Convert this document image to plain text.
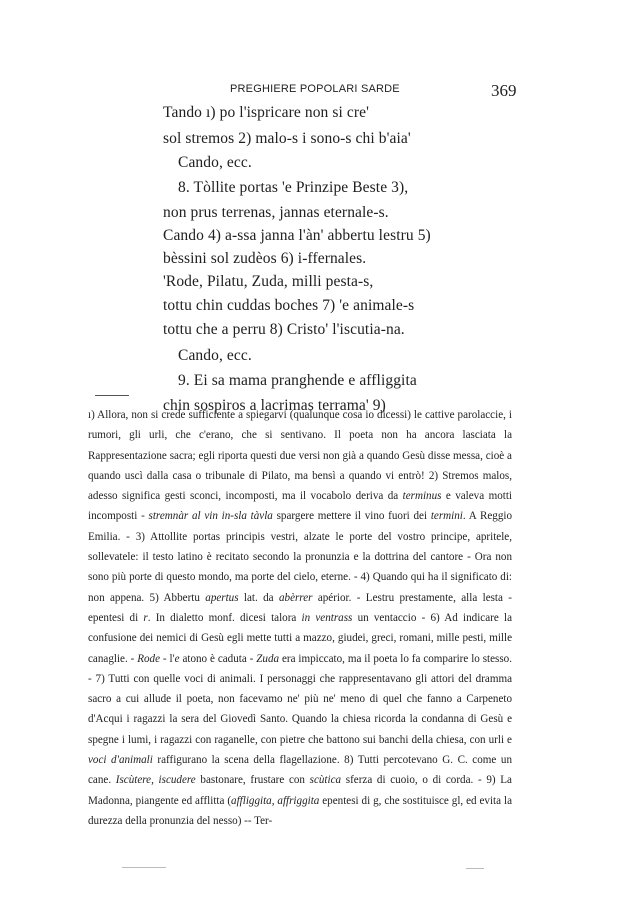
PREGHIERE POPOLARI SARDE	369
Tando ı) po l'ispricare non si cre'
sol stremos 2) malo-s i sono-s chi b'aia'
Cando, ecc.
8. Tòllite portas 'e Prinzipe Beste 3),
non prus terrenas, jannas eternale-s.
Cando 4) a-ssa janna l'àn' abbertu lestru 5)
bèssini sol zudèos 6) i-ffernales.
'Rode, Pilatu, Zuda, milli pesta-s,
tottu chin cuddas boches 7) 'e animale-s
tottu che a perru 8) Cristo' l'iscutia-na.
Cando, ecc.
9. Ei sa mama pranghende e affliggita
chin sospiros a lacrimas terrama' 9)
ı) Allora, non si crede sufficiente a spiegarvi (qualunque cosa io dicessi) le cattive parolaccie, i rumori, gli urli, che c'erano, che si sentivano. Il poeta non ha ancora lasciata la Rappresentazione sacra; egli riporta questi due versi non già a quando Gesù disse messa, cioè a quando uscì dalla casa o tribunale di Pilato, ma bensì a quando vi entrò! 2) Stremos malos, adesso significa gesti sconci, incomposti, ma il vocabolo deriva da terminus e valeva motti incomposti - stremnàr al vin in-sla tàvla spargere mettere il vino fuori dei termini. A Reggio Emilia. - 3) Attollite portas principis vestri, alzate le porte del vostro principe, apritele, sollevatele: il testo latino è recitato secondo la pronunzia e la dottrina del cantore - Ora non sono più porte di questo mondo, ma porte del cielo, eterne. - 4) Quando qui ha il significato di: non appena. 5) Abbertu apertus lat. da abèrrer apérior. - Lestru prestamente, alla lesta - epentesi di r. In dialetto monf. dicesi talora in ventrass un ventaccio - 6) Ad indicare la confusione dei nemici di Gesù egli mette tutti a mazzo, giudei, greci, romani, mille pesti, mille canaglie. - Rode - l'e atono è caduta - Zuda era impiccato, ma il poeta lo fa comparire lo stesso. - 7) Tutti con quelle voci di animali. I personaggi che rappresentavano gli attori del dramma sacro a cui allude il poeta, non facevamo ne' più ne' meno di quel che fanno a Carpeneto d'Acqui i ragazzi la sera del Giovedì Santo. Quando la chiesa ricorda la condanna di Gesù e spegne i lumi, i ragazzi con raganelle, con pietre che battono sui banchi della chiesa, con urli e voci d'animali raffigurano la scena della flagellazione. 8) Tutti percotevano G. C. come un cane. Iscùtere, iscudere bastonare, frustare con scùtica sferza di cuoio, o di corda. - 9) La Madonna, piangente ed afflitta (affliggita, affriggita epentesi di g, che sostituisce gl, ed evita la durezza della pronunzia del nesso) -- Ter-
